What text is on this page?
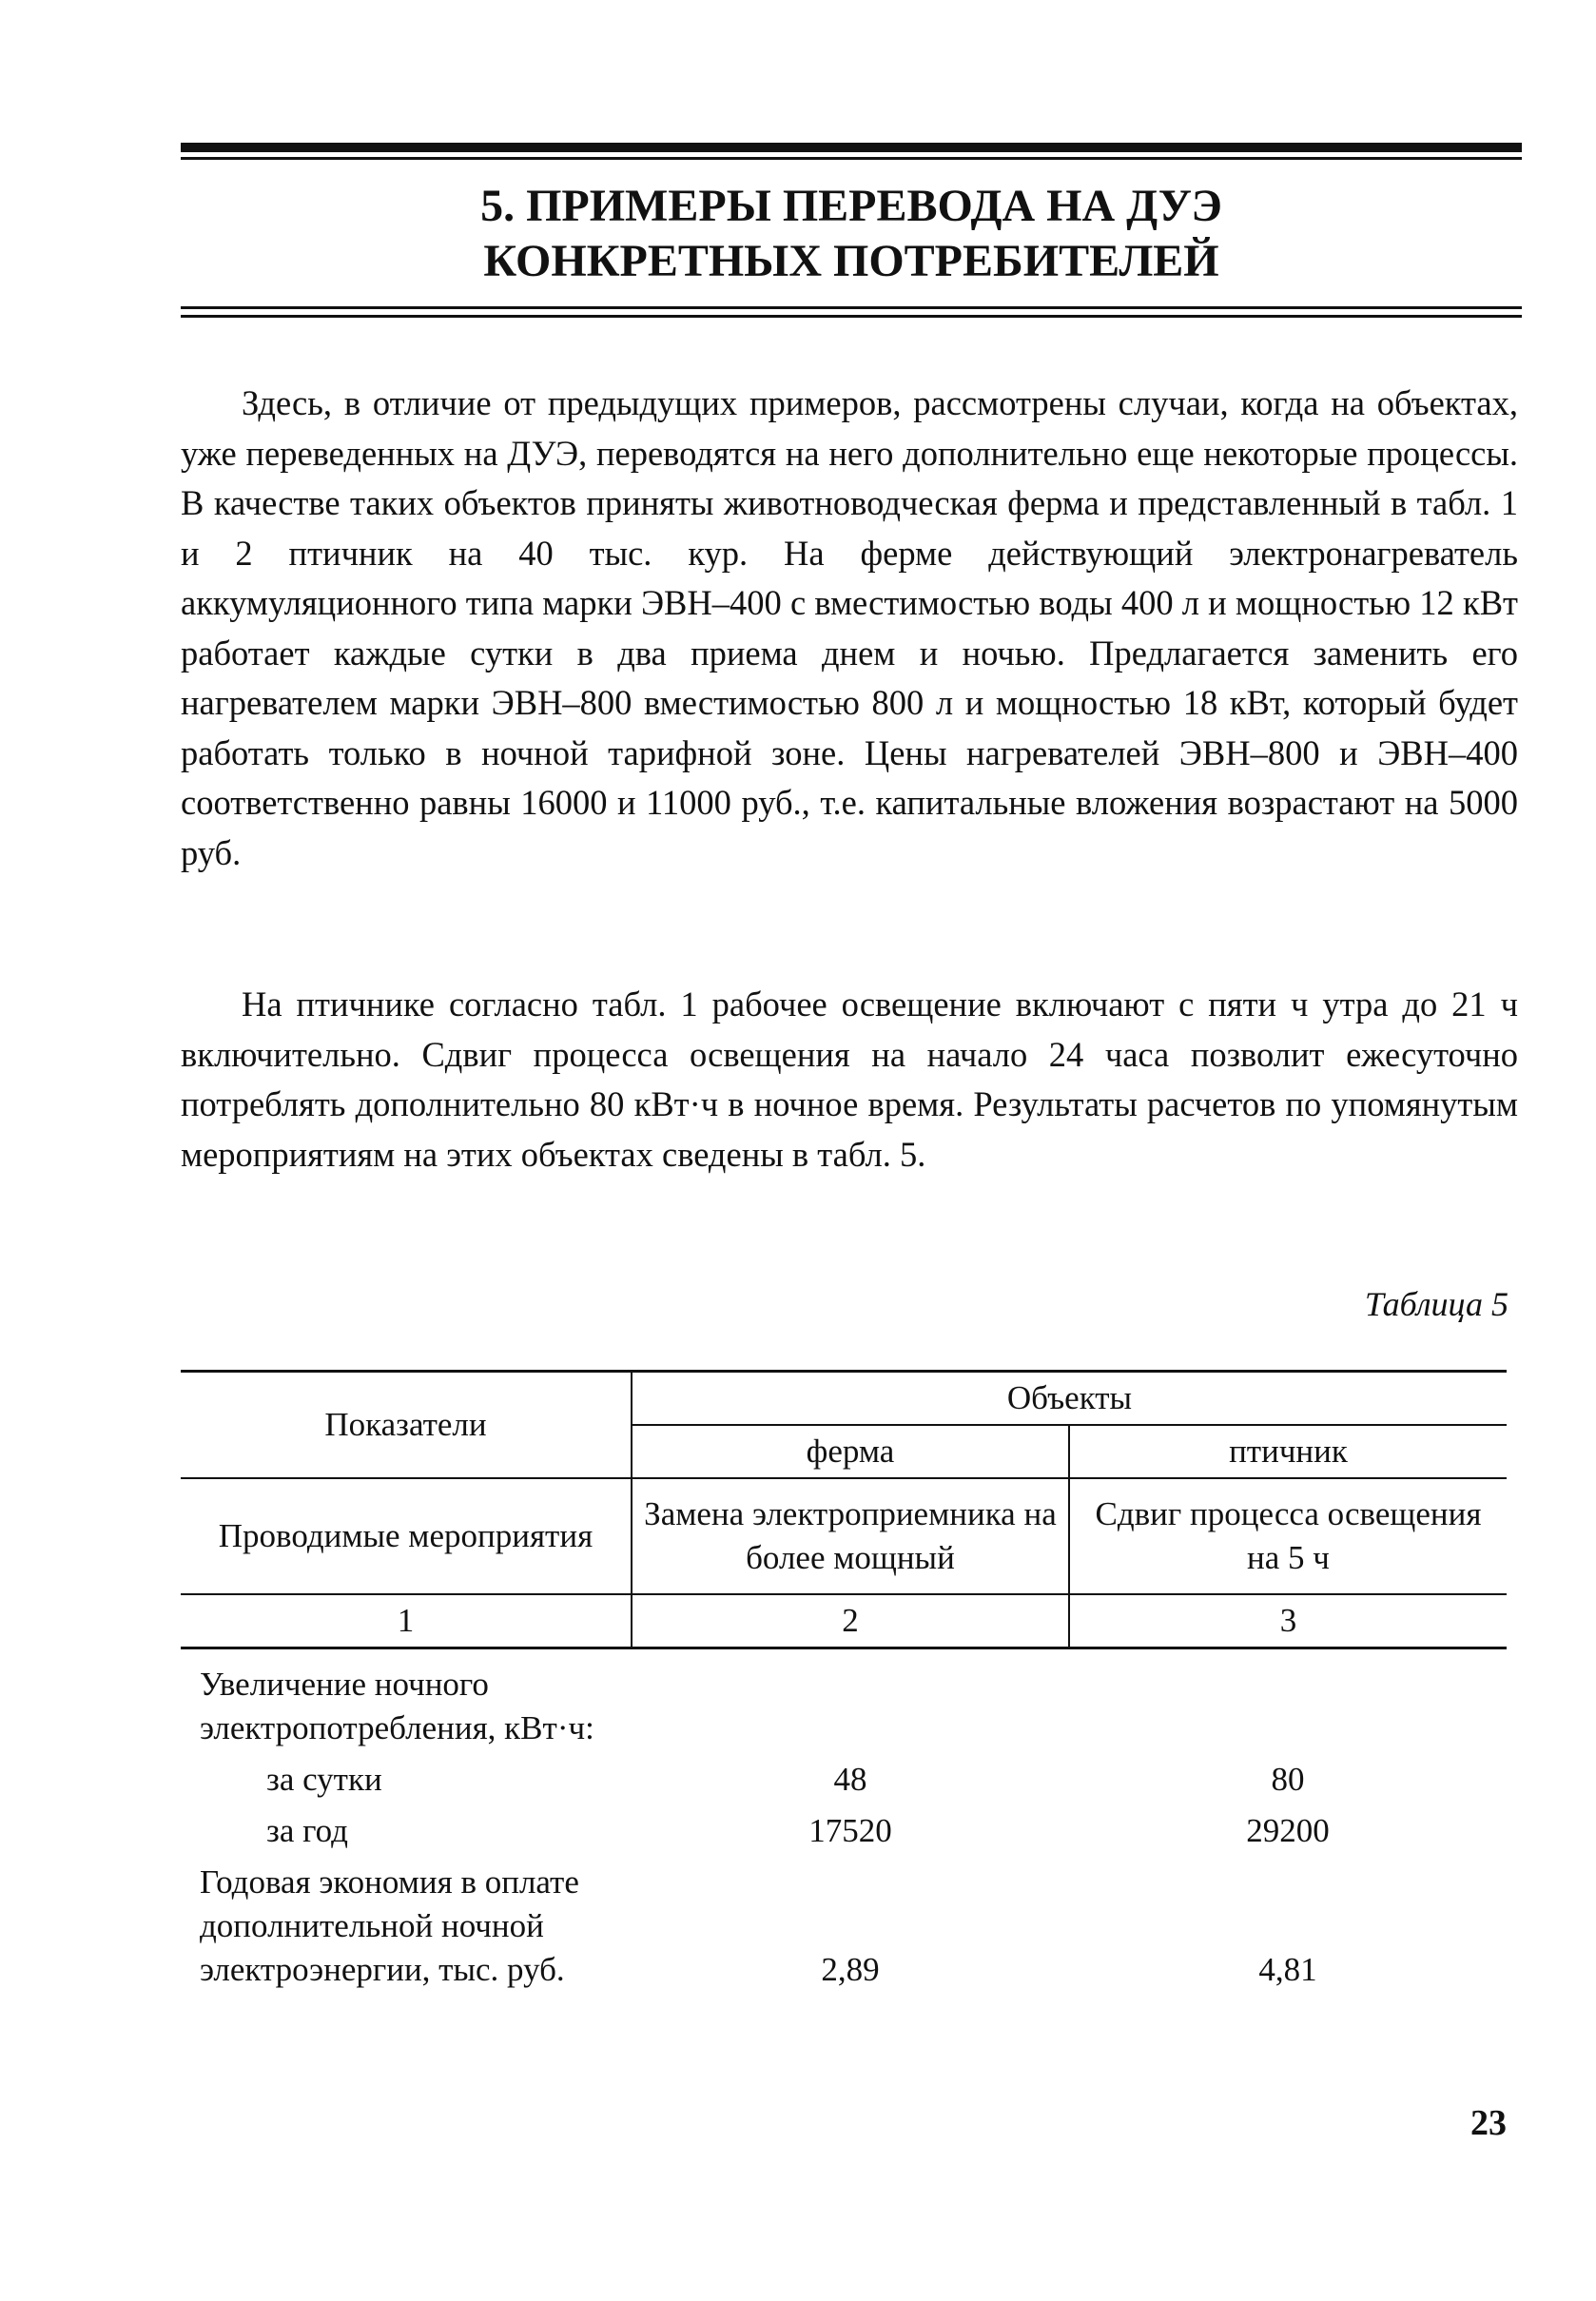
5. ПРИМЕРЫ ПЕРЕВОДА НА ДУЭ
КОНКРЕТНЫХ ПОТРЕБИТЕЛЕЙ

Здесь, в отличие от предыдущих примеров, рассмотрены случаи, когда на объектах, уже переведенных на ДУЭ, переводятся на него дополнительно еще некоторые процессы. В качестве таких объектов приняты животноводческая ферма и представленный в табл. 1 и 2 птичник на 40 тыс. кур. На ферме действующий электронагреватель аккумуляционного типа марки ЭВН–400 с вместимостью воды 400 л и мощностью 12 кВт работает каждые сутки в два приема днем и ночью. Предлагается заменить его нагревателем марки ЭВН–800 вместимостью 800 л и мощностью 18 кВт, который будет работать только в ночной тарифной зоне. Цены нагревателей ЭВН–800 и ЭВН–400 соответственно равны 16000 и 11000 руб., т.е. капитальные вложения возрастают на 5000 руб.

На птичнике согласно табл. 1 рабочее освещение включают с пяти ч утра до 21 ч включительно. Сдвиг процесса освещения на начало 24 часа позволит ежесуточно потреблять дополнительно 80 кВт·ч в ночное время. Результаты расчетов по упомянутым мероприятиям на этих объектах сведены в табл. 5.

Таблица 5
Показатели	Объекты	
	ферма	птичник
Проводимые мероприятия	Замена электроприемника на более мощный	Сдвиг процесса освещения на 5 ч
1	2	3
Увеличение ночного электропотребления, кВт·ч:		
за сутки	48	80
за год	17520	29200
Годовая экономия в оплате дополнительной ночной электроэнергии, тыс. руб.	2,89	4,81
23
